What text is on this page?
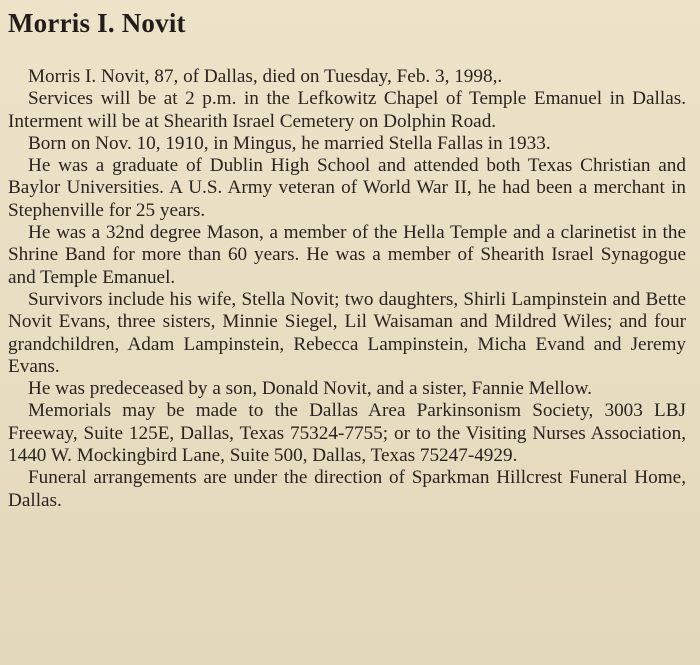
Morris I. Novit

Morris I. Novit, 87, of Dallas, died on Tuesday, Feb. 3, 1998,.

Services will be at 2 p.m. in the Lefkowitz Chapel of Temple Emanuel in Dallas. Interment will be at Shearith Israel Cemetery on Dolphin Road.

Born on Nov. 10, 1910, in Mingus, he married Stella Fallas in 1933.

He was a graduate of Dublin High School and attended both Texas Christian and Baylor Universities. A U.S. Army veteran of World War II, he had been a merchant in Stephenville for 25 years.

He was a 32nd degree Mason, a member of the Hella Temple and a clarinetist in the Shrine Band for more than 60 years. He was a member of Shearith Israel Synagogue and Temple Emanuel.

Survivors include his wife, Stella Novit; two daughters, Shirli Lampinstein and Bette Novit Evans, three sisters, Minnie Siegel, Lil Waisaman and Mildred Wiles; and four grandchildren, Adam Lampinstein, Rebecca Lampinstein, Micha Evand and Jeremy Evans.

He was predeceased by a son, Donald Novit, and a sister, Fannie Mellow.

Memorials may be made to the Dallas Area Parkinsonism Society, 3003 LBJ Freeway, Suite 125E, Dallas, Texas 75324-7755; or to the Visiting Nurses Association, 1440 W. Mockingbird Lane, Suite 500, Dallas, Texas 75247-4929.

Funeral arrangements are under the direction of Sparkman Hillcrest Funeral Home, Dallas.
